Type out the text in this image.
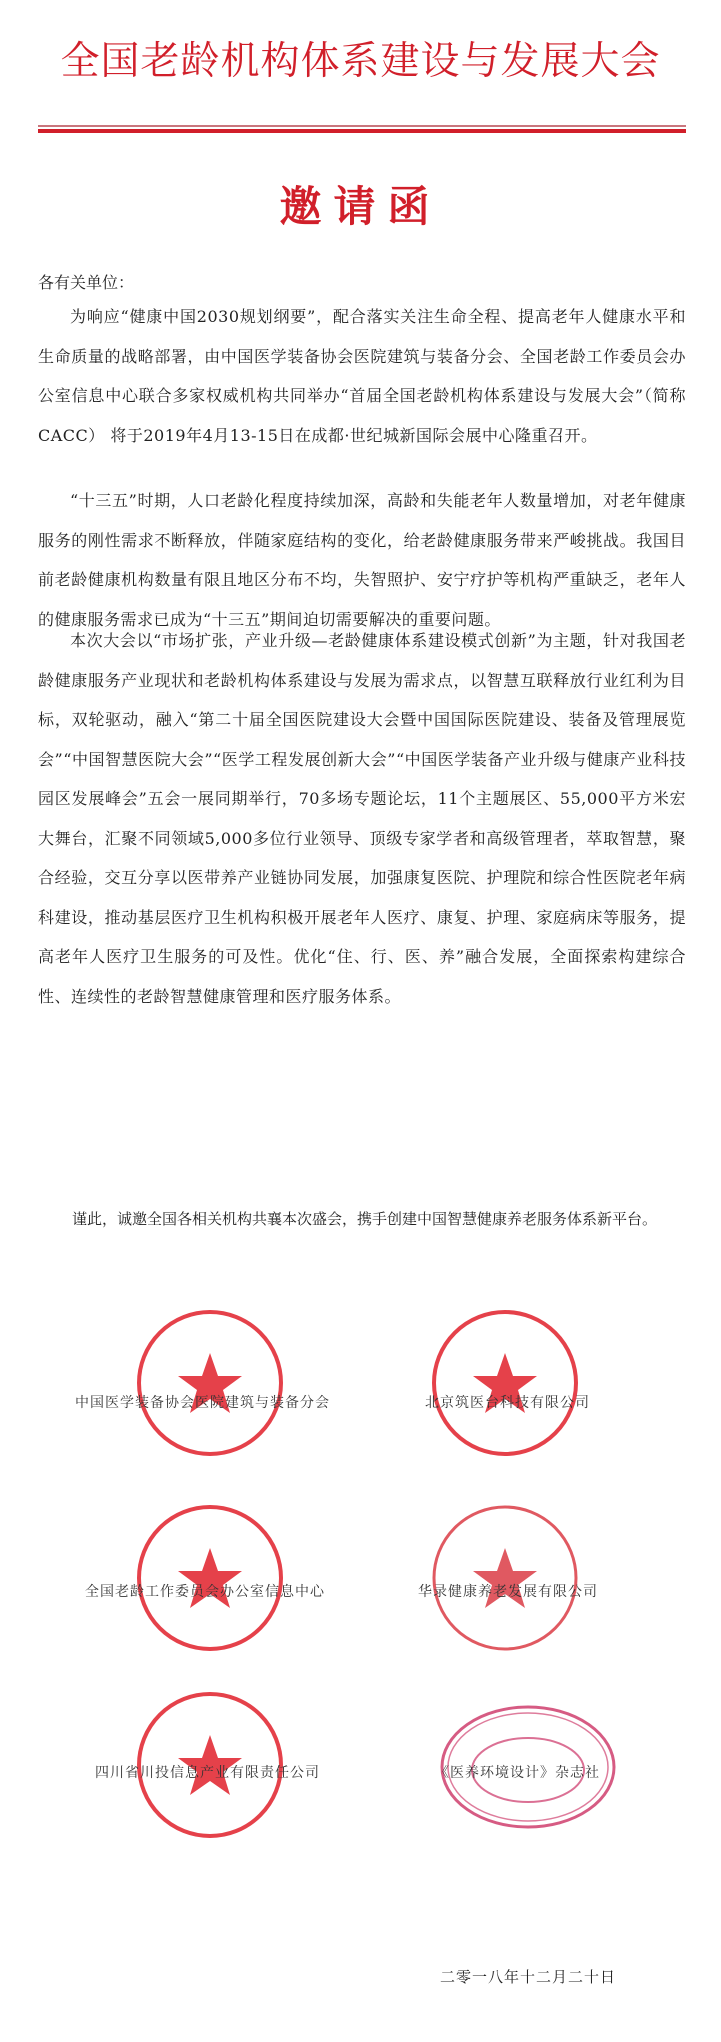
全国老龄机构体系建设与发展大会
邀请函
各有关单位：

为响应“健康中国2030规划纲要”，配合落实关注生命全程、提高老年人健康水平和生命质量的战略部署，由中国医学装备协会医院建筑与装备分会、全国老龄工作委员会办公室信息中心联合多家权威机构共同举办“首届全国老龄机构体系建设与发展大会”（简称CACC） 将于2019年4月13-15日在成都·世纪城新国际会展中心隆重召开。

“十三五”时期，人口老龄化程度持续加深，高龄和失能老年人数量增加，对老年健康服务的刚性需求不断释放，伴随家庭结构的变化，给老龄健康服务带来严峻挑战。我国目前老龄健康机构数量有限且地区分布不均，失智照护、安宁疗护等机构严重缺乏，老年人的健康服务需求已成为“十三五”期间迫切需要解决的重要问题。

本次大会以“市场扩张，产业升级—老龄健康体系建设模式创新”为主题，针对我国老龄健康服务产业现状和老龄机构体系建设与发展为需求点，以智慧互联释放行业红利为目标，双轮驱动，融入“第二十届全国医院建设大会暨中国国际医院建设、装备及管理展览会”“中国智慧医院大会”“医学工程发展创新大会”“中国医学装备产业升级与健康产业科技园区发展峰会”五会一展同期举行，70多场专题论坛，11个主题展区、55,000平方米宏大舞台，汇聚不同领域5,000多位行业领导、顶级专家学者和高级管理者，萃取智慧，聚合经验，交互分享以医带养产业链协同发展，加强康复医院、护理院和综合性医院老年病科建设，推动基层医疗卫生机构积极开展老年人医疗、康复、护理、家庭病床等服务，提高老年人医疗卫生服务的可及性。优化“住、行、医、养”融合发展，全面探索构建综合性、连续性的老龄智慧健康管理和医疗服务体系。

谨此，诚邀全国各相关机构共襄本次盛会，携手创建中国智慧健康养老服务体系新平台。
中国医学装备协会医院建筑与装备分会	北京筑医台科技有限公司
全国老龄工作委员会办公室信息中心	华录健康养老发展有限公司
四川省川投信息产业有限责任公司	《医养环境设计》杂志社
二零一八年十二月二十日
